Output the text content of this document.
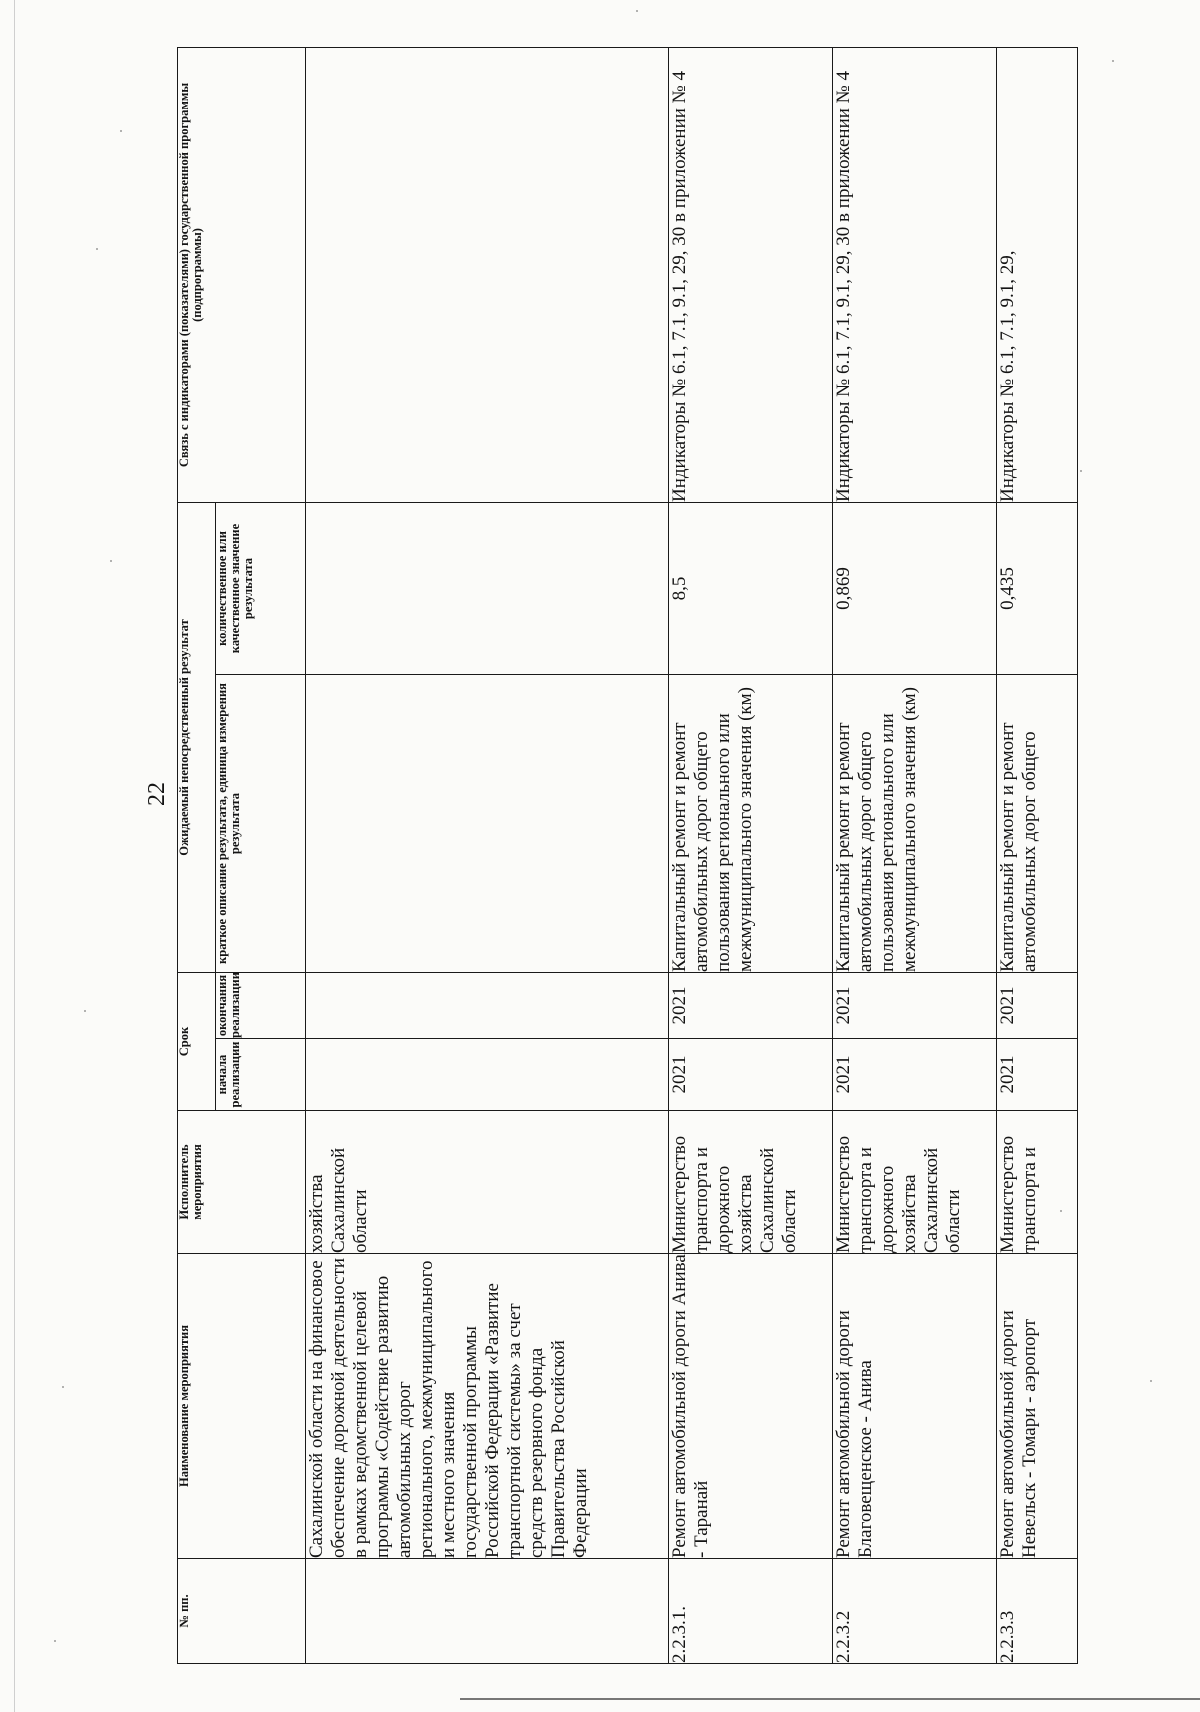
22
№ пп.	Наименование мероприятия	Исполнитель мероприятия	Срок		Ожидаемый непосредственный результат		Связь с индикаторами (показателями) государственной программы (подпрограммы)
			начала реализации	окончания реализации	краткое описание результата, единица измерения результата	количественное или качественное значение результата	
	Сахалинской области на финансовое обеспечение дорожной деятельности в рамках ведомственной целевой программы «Содействие развитию автомобильных дорог регионального, межмуниципального и местного значения государственной программы Российской Федерации «Развитие транспортной системы» за счет средств резервного фонда Правительства Российской Федерации	хозяйства Сахалинской области					
2.2.3.1.	Ремонт автомобильной дороги Анива - Таранай	Министерство транспорта и дорожного хозяйства Сахалинской области	2021	2021	Капитальный ремонт и ремонт автомобильных дорог общего пользования регионального или межмуниципального значения (км)	8,5	Индикаторы № 6.1, 7.1, 9.1, 29, 30 в приложении № 4
2.2.3.2	Ремонт автомобильной дороги Благовещенское - Анива	Министерство транспорта и дорожного хозяйства Сахалинской области	2021	2021	Капитальный ремонт и ремонт автомобильных дорог общего пользования регионального или межмуниципального значения (км)	0,869	Индикаторы № 6.1, 7.1, 9.1, 29, 30 в приложении № 4
2.2.3.3	Ремонт автомобильной дороги Невельск - Томари - аэропорт	Министерство транспорта и	2021	2021	Капитальный ремонт и ремонт автомобильных дорог общего	0,435	Индикаторы № 6.1, 7.1, 9.1, 29,
